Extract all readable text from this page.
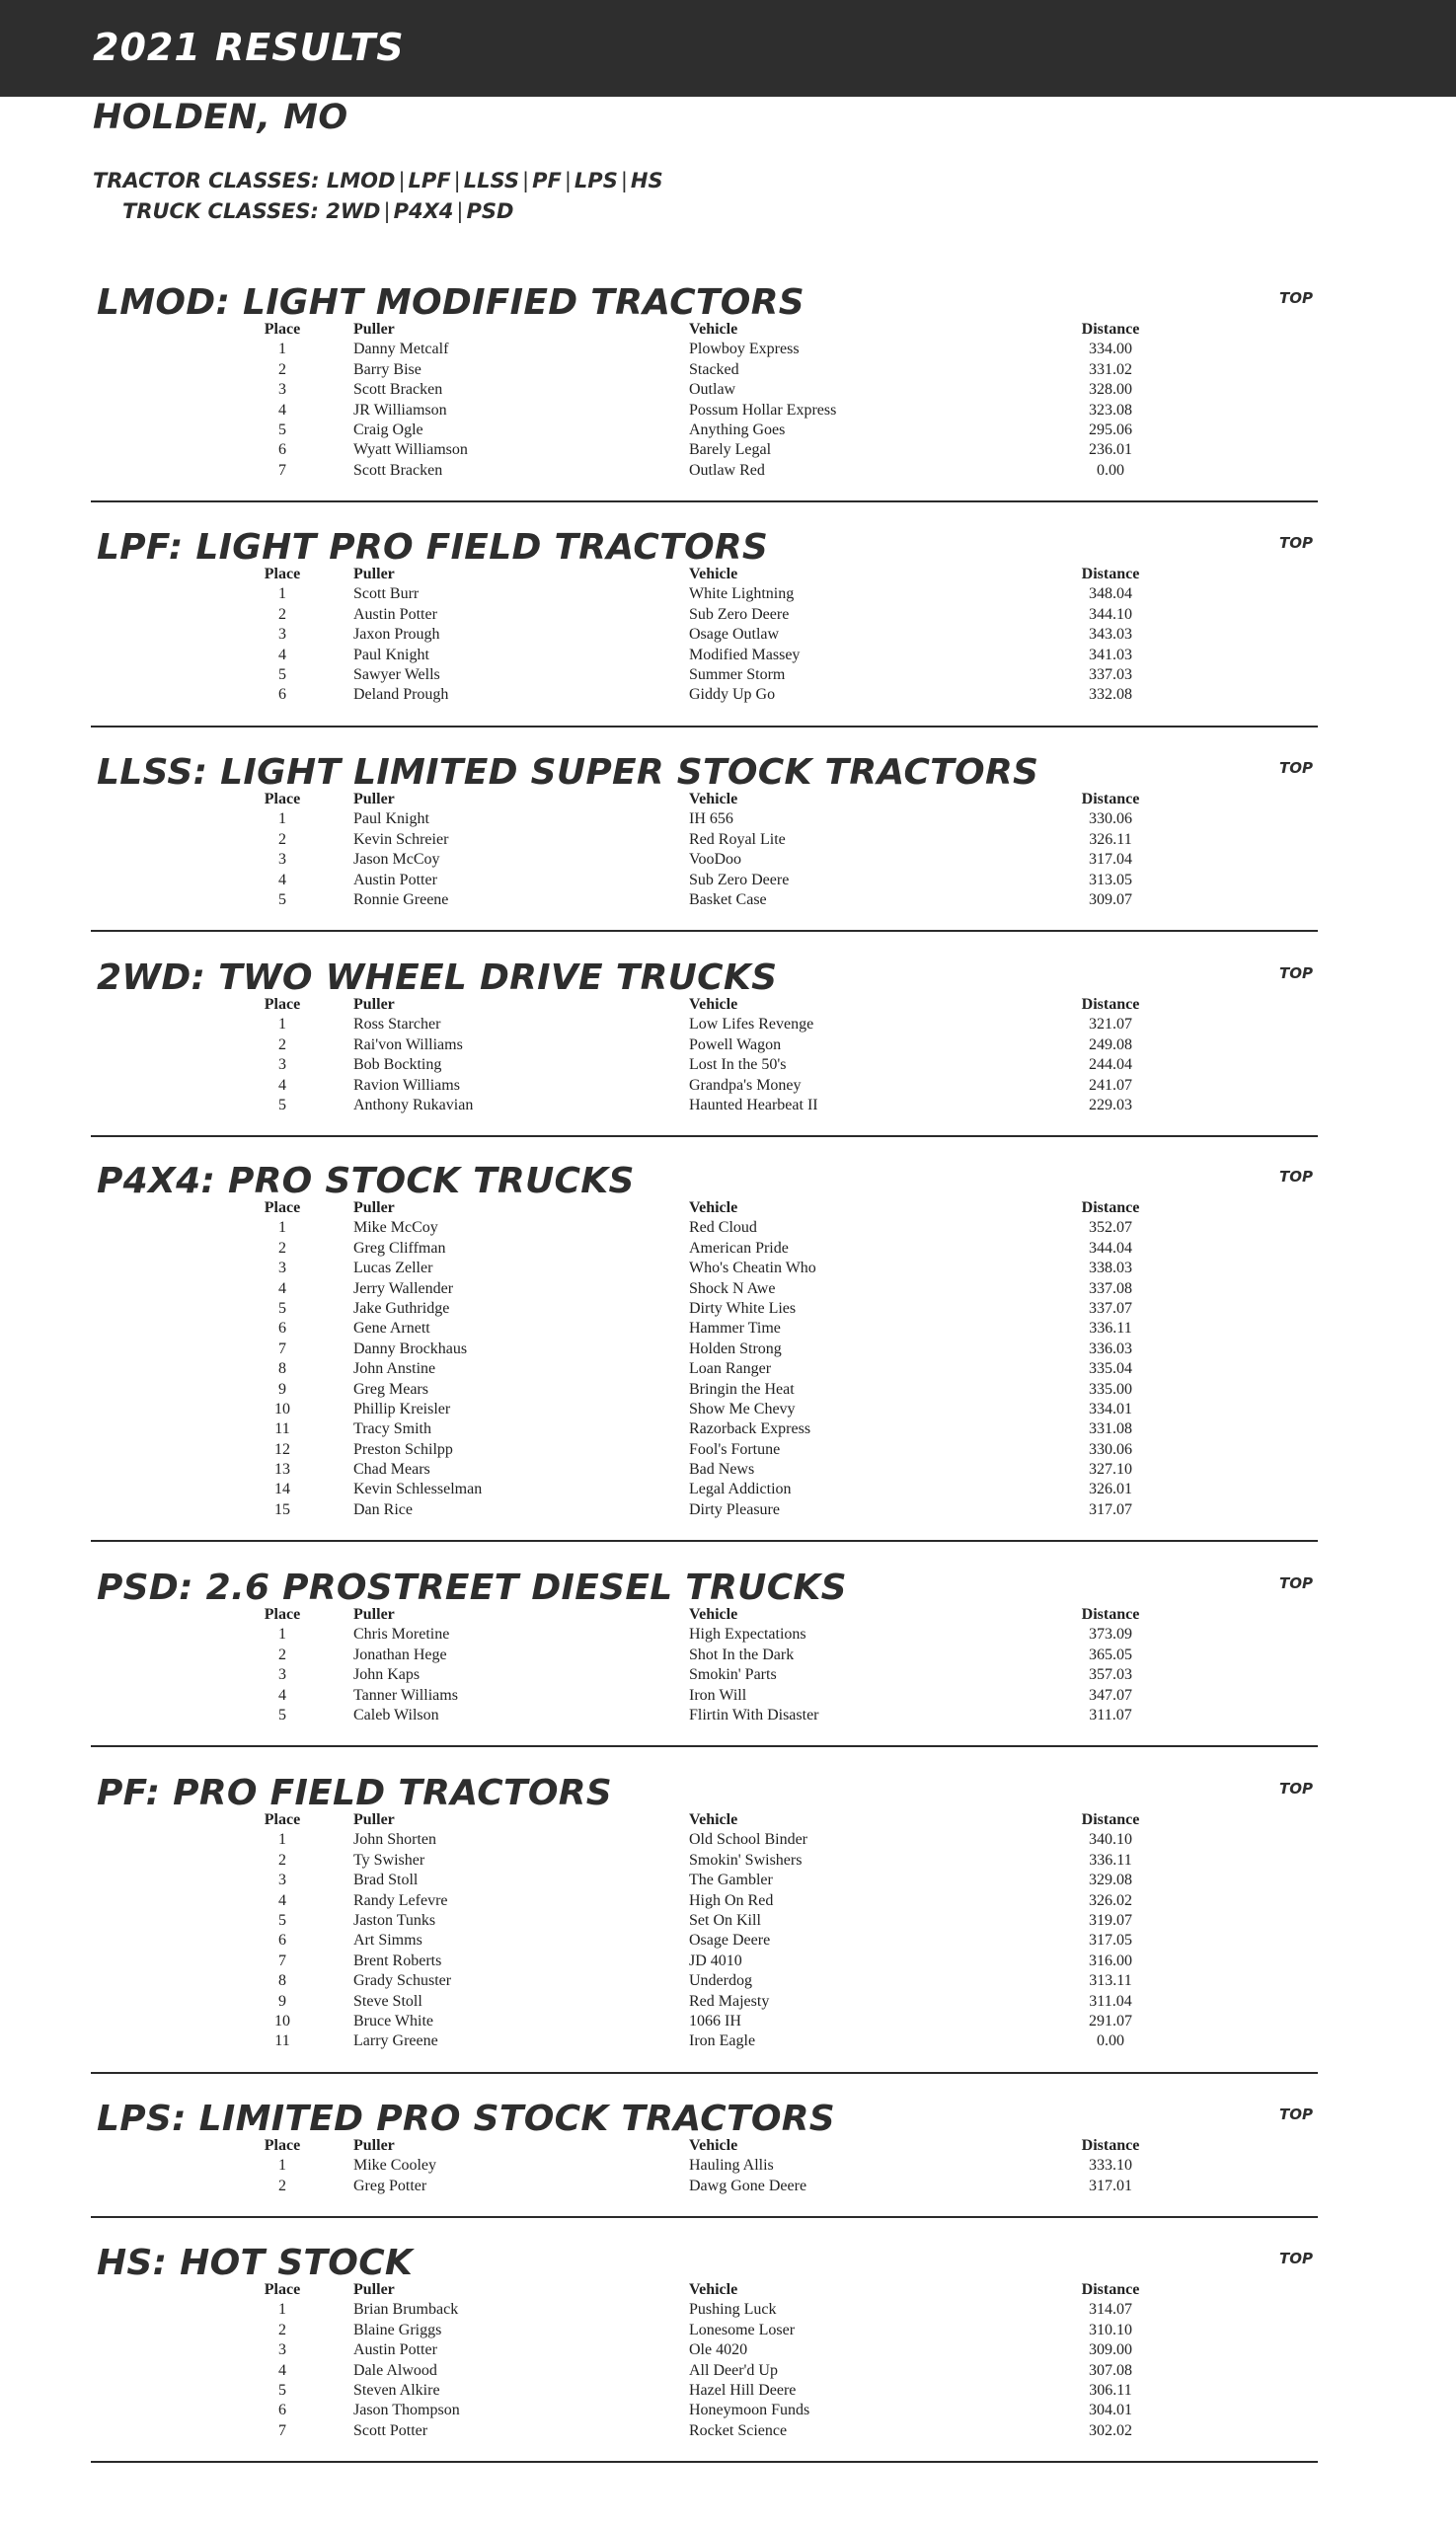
2021 RESULTS
HOLDEN, MO
TRACTOR CLASSES: LMOD | LPF | LLSS | PF | LPS | HS
TRUCK CLASSES: 2WD | P4X4 | PSD
LMOD: LIGHT MODIFIED TRACTORS	TOP
Place	Puller	Vehicle	Distance
1	Danny Metcalf	Plowboy Express	334.00
2	Barry Bise	Stacked	331.02
3	Scott Bracken	Outlaw	328.00
4	JR Williamson	Possum Hollar Express	323.08
5	Craig Ogle	Anything Goes	295.06
6	Wyatt Williamson	Barely Legal	236.01
7	Scott Bracken	Outlaw Red	0.00
LPF: LIGHT PRO FIELD TRACTORS	TOP
Place	Puller	Vehicle	Distance
1	Scott Burr	White Lightning	348.04
2	Austin Potter	Sub Zero Deere	344.10
3	Jaxon Prough	Osage Outlaw	343.03
4	Paul Knight	Modified Massey	341.03
5	Sawyer Wells	Summer Storm	337.03
6	Deland Prough	Giddy Up Go	332.08
LLSS: LIGHT LIMITED SUPER STOCK TRACTORS	TOP
Place	Puller	Vehicle	Distance
1	Paul Knight	IH 656	330.06
2	Kevin Schreier	Red Royal Lite	326.11
3	Jason McCoy	VooDoo	317.04
4	Austin Potter	Sub Zero Deere	313.05
5	Ronnie Greene	Basket Case	309.07
2WD: TWO WHEEL DRIVE TRUCKS	TOP
Place	Puller	Vehicle	Distance
1	Ross Starcher	Low Lifes Revenge	321.07
2	Rai'von Williams	Powell Wagon	249.08
3	Bob Bockting	Lost In the 50's	244.04
4	Ravion Williams	Grandpa's Money	241.07
5	Anthony Rukavian	Haunted Hearbeat II	229.03
P4X4: PRO STOCK TRUCKS	TOP
Place	Puller	Vehicle	Distance
1	Mike McCoy	Red Cloud	352.07
2	Greg Cliffman	American Pride	344.04
3	Lucas Zeller	Who's Cheatin Who	338.03
4	Jerry Wallender	Shock N Awe	337.08
5	Jake Guthridge	Dirty White Lies	337.07
6	Gene Arnett	Hammer Time	336.11
7	Danny Brockhaus	Holden Strong	336.03
8	John Anstine	Loan Ranger	335.04
9	Greg Mears	Bringin the Heat	335.00
10	Phillip Kreisler	Show Me Chevy	334.01
11	Tracy Smith	Razorback Express	331.08
12	Preston Schilpp	Fool's Fortune	330.06
13	Chad Mears	Bad News	327.10
14	Kevin Schlesselman	Legal Addiction	326.01
15	Dan Rice	Dirty Pleasure	317.07
PSD: 2.6 PROSTREET DIESEL TRUCKS	TOP
Place	Puller	Vehicle	Distance
1	Chris Moretine	High Expectations	373.09
2	Jonathan Hege	Shot In the Dark	365.05
3	John Kaps	Smokin' Parts	357.03
4	Tanner Williams	Iron Will	347.07
5	Caleb Wilson	Flirtin With Disaster	311.07
PF: PRO FIELD TRACTORS	TOP
Place	Puller	Vehicle	Distance
1	John Shorten	Old School Binder	340.10
2	Ty Swisher	Smokin' Swishers	336.11
3	Brad Stoll	The Gambler	329.08
4	Randy Lefevre	High On Red	326.02
5	Jaston Tunks	Set On Kill	319.07
6	Art Simms	Osage Deere	317.05
7	Brent Roberts	JD 4010	316.00
8	Grady Schuster	Underdog	313.11
9	Steve Stoll	Red Majesty	311.04
10	Bruce White	1066 IH	291.07
11	Larry Greene	Iron Eagle	0.00
LPS: LIMITED PRO STOCK TRACTORS	TOP
Place	Puller	Vehicle	Distance
1	Mike Cooley	Hauling Allis	333.10
2	Greg Potter	Dawg Gone Deere	317.01
HS: HOT STOCK	TOP
Place	Puller	Vehicle	Distance
1	Brian Brumback	Pushing Luck	314.07
2	Blaine Griggs	Lonesome Loser	310.10
3	Austin Potter	Ole 4020	309.00
4	Dale Alwood	All Deer'd Up	307.08
5	Steven Alkire	Hazel Hill Deere	306.11
6	Jason Thompson	Honeymoon Funds	304.01
7	Scott Potter	Rocket Science	302.02
